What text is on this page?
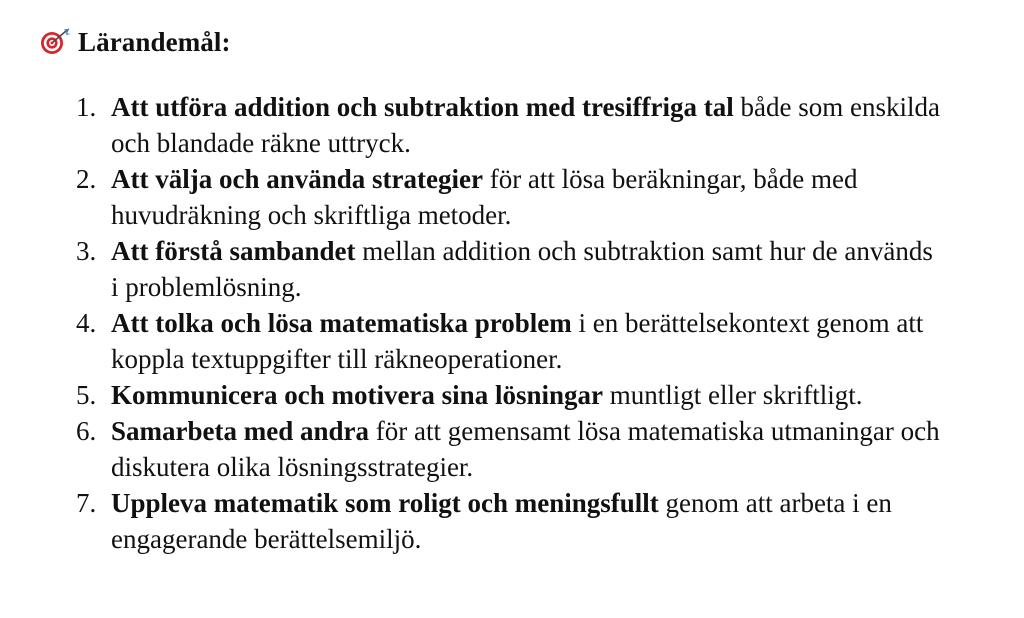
Lärandemål:
1. Att utföra addition och subtraktion med tresiffriga tal både som enskilda och blandade räkne uttryck.
2. Att välja och använda strategier för att lösa beräkningar, både med huvudräkning och skriftliga metoder.
3. Att förstå sambandet mellan addition och subtraktion samt hur de används i problemlösning.
4. Att tolka och lösa matematiska problem i en berättelsekontext genom att koppla textuppgifter till räkneoperationer.
5. Kommunicera och motivera sina lösningar muntligt eller skriftligt.
6. Samarbeta med andra för att gemensamt lösa matematiska utmaningar och diskutera olika lösningsstrategier.
7. Uppleva matematik som roligt och meningsfullt genom att arbeta i en engagerande berättelsemiljö.
